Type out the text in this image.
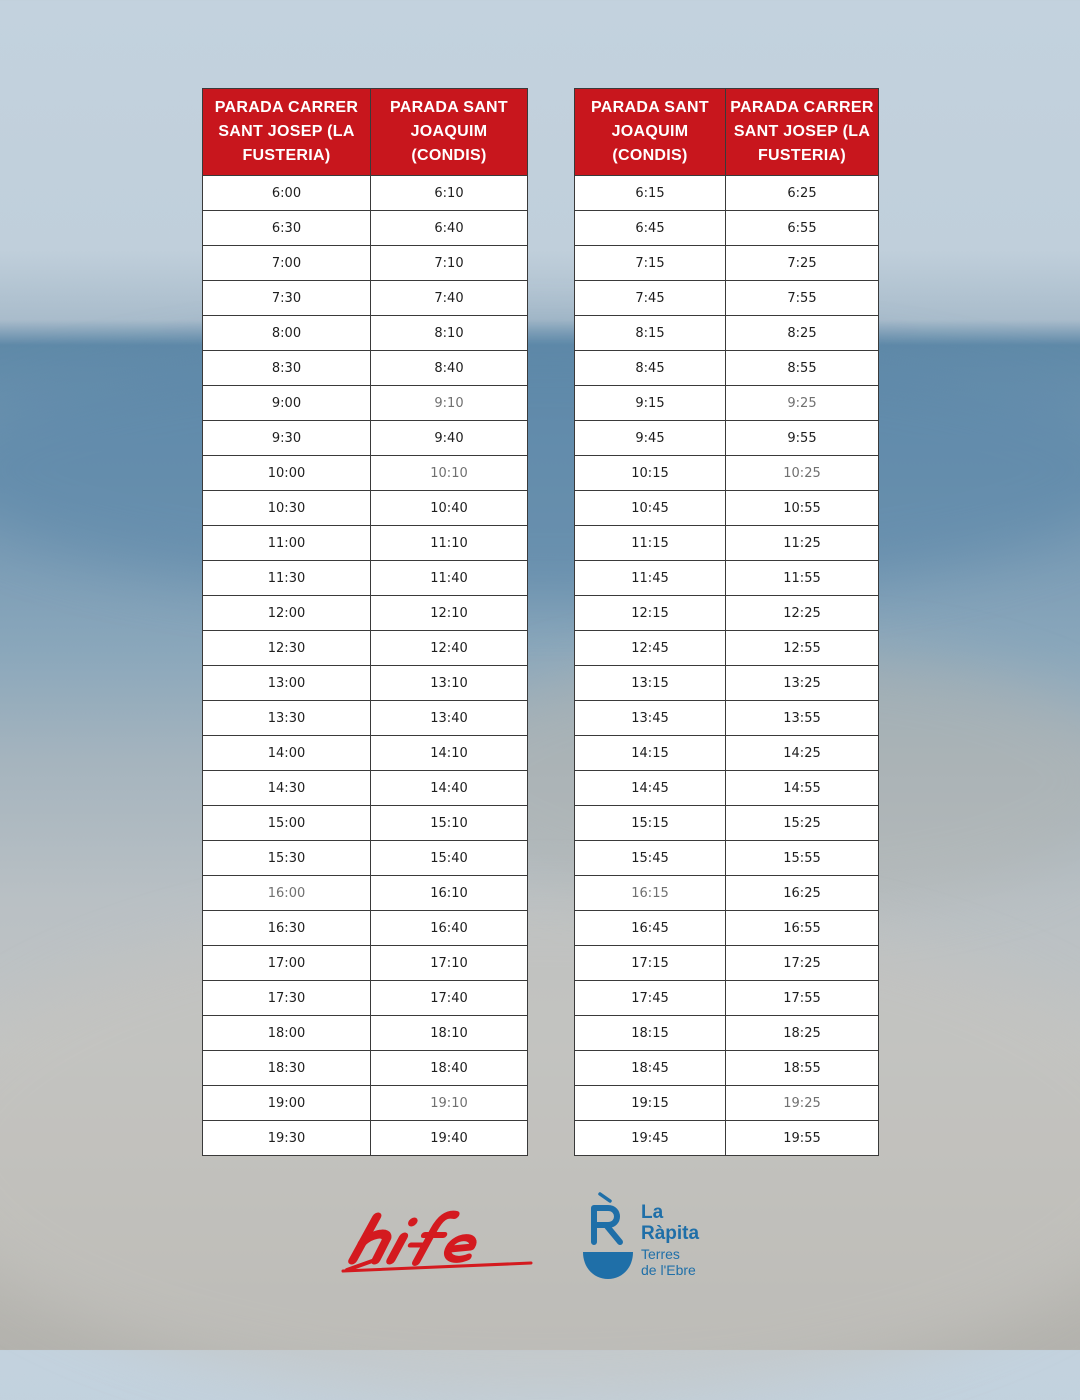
PARADA CARRER SANT JOSEP (LA FUSTERIA)	PARADA SANT JOAQUIM (CONDIS)
6:00	6:10
6:30	6:40
7:00	7:10
7:30	7:40
8:00	8:10
8:30	8:40
9:00	9:10
9:30	9:40
10:00	10:10
10:30	10:40
11:00	11:10
11:30	11:40
12:00	12:10
12:30	12:40
13:00	13:10
13:30	13:40
14:00	14:10
14:30	14:40
15:00	15:10
15:30	15:40
16:00	16:10
16:30	16:40
17:00	17:10
17:30	17:40
18:00	18:10
18:30	18:40
19:00	19:10
19:30	19:40
PARADA SANT JOAQUIM (CONDIS)	PARADA CARRER SANT JOSEP (LA FUSTERIA)
6:15	6:25
6:45	6:55
7:15	7:25
7:45	7:55
8:15	8:25
8:45	8:55
9:15	9:25
9:45	9:55
10:15	10:25
10:45	10:55
11:15	11:25
11:45	11:55
12:15	12:25
12:45	12:55
13:15	13:25
13:45	13:55
14:15	14:25
14:45	14:55
15:15	15:25
15:45	15:55
16:15	16:25
16:45	16:55
17:15	17:25
17:45	17:55
18:15	18:25
18:45	18:55
19:15	19:25
19:45	19:55
La
Ràpita
Terres
de l'Ebre
